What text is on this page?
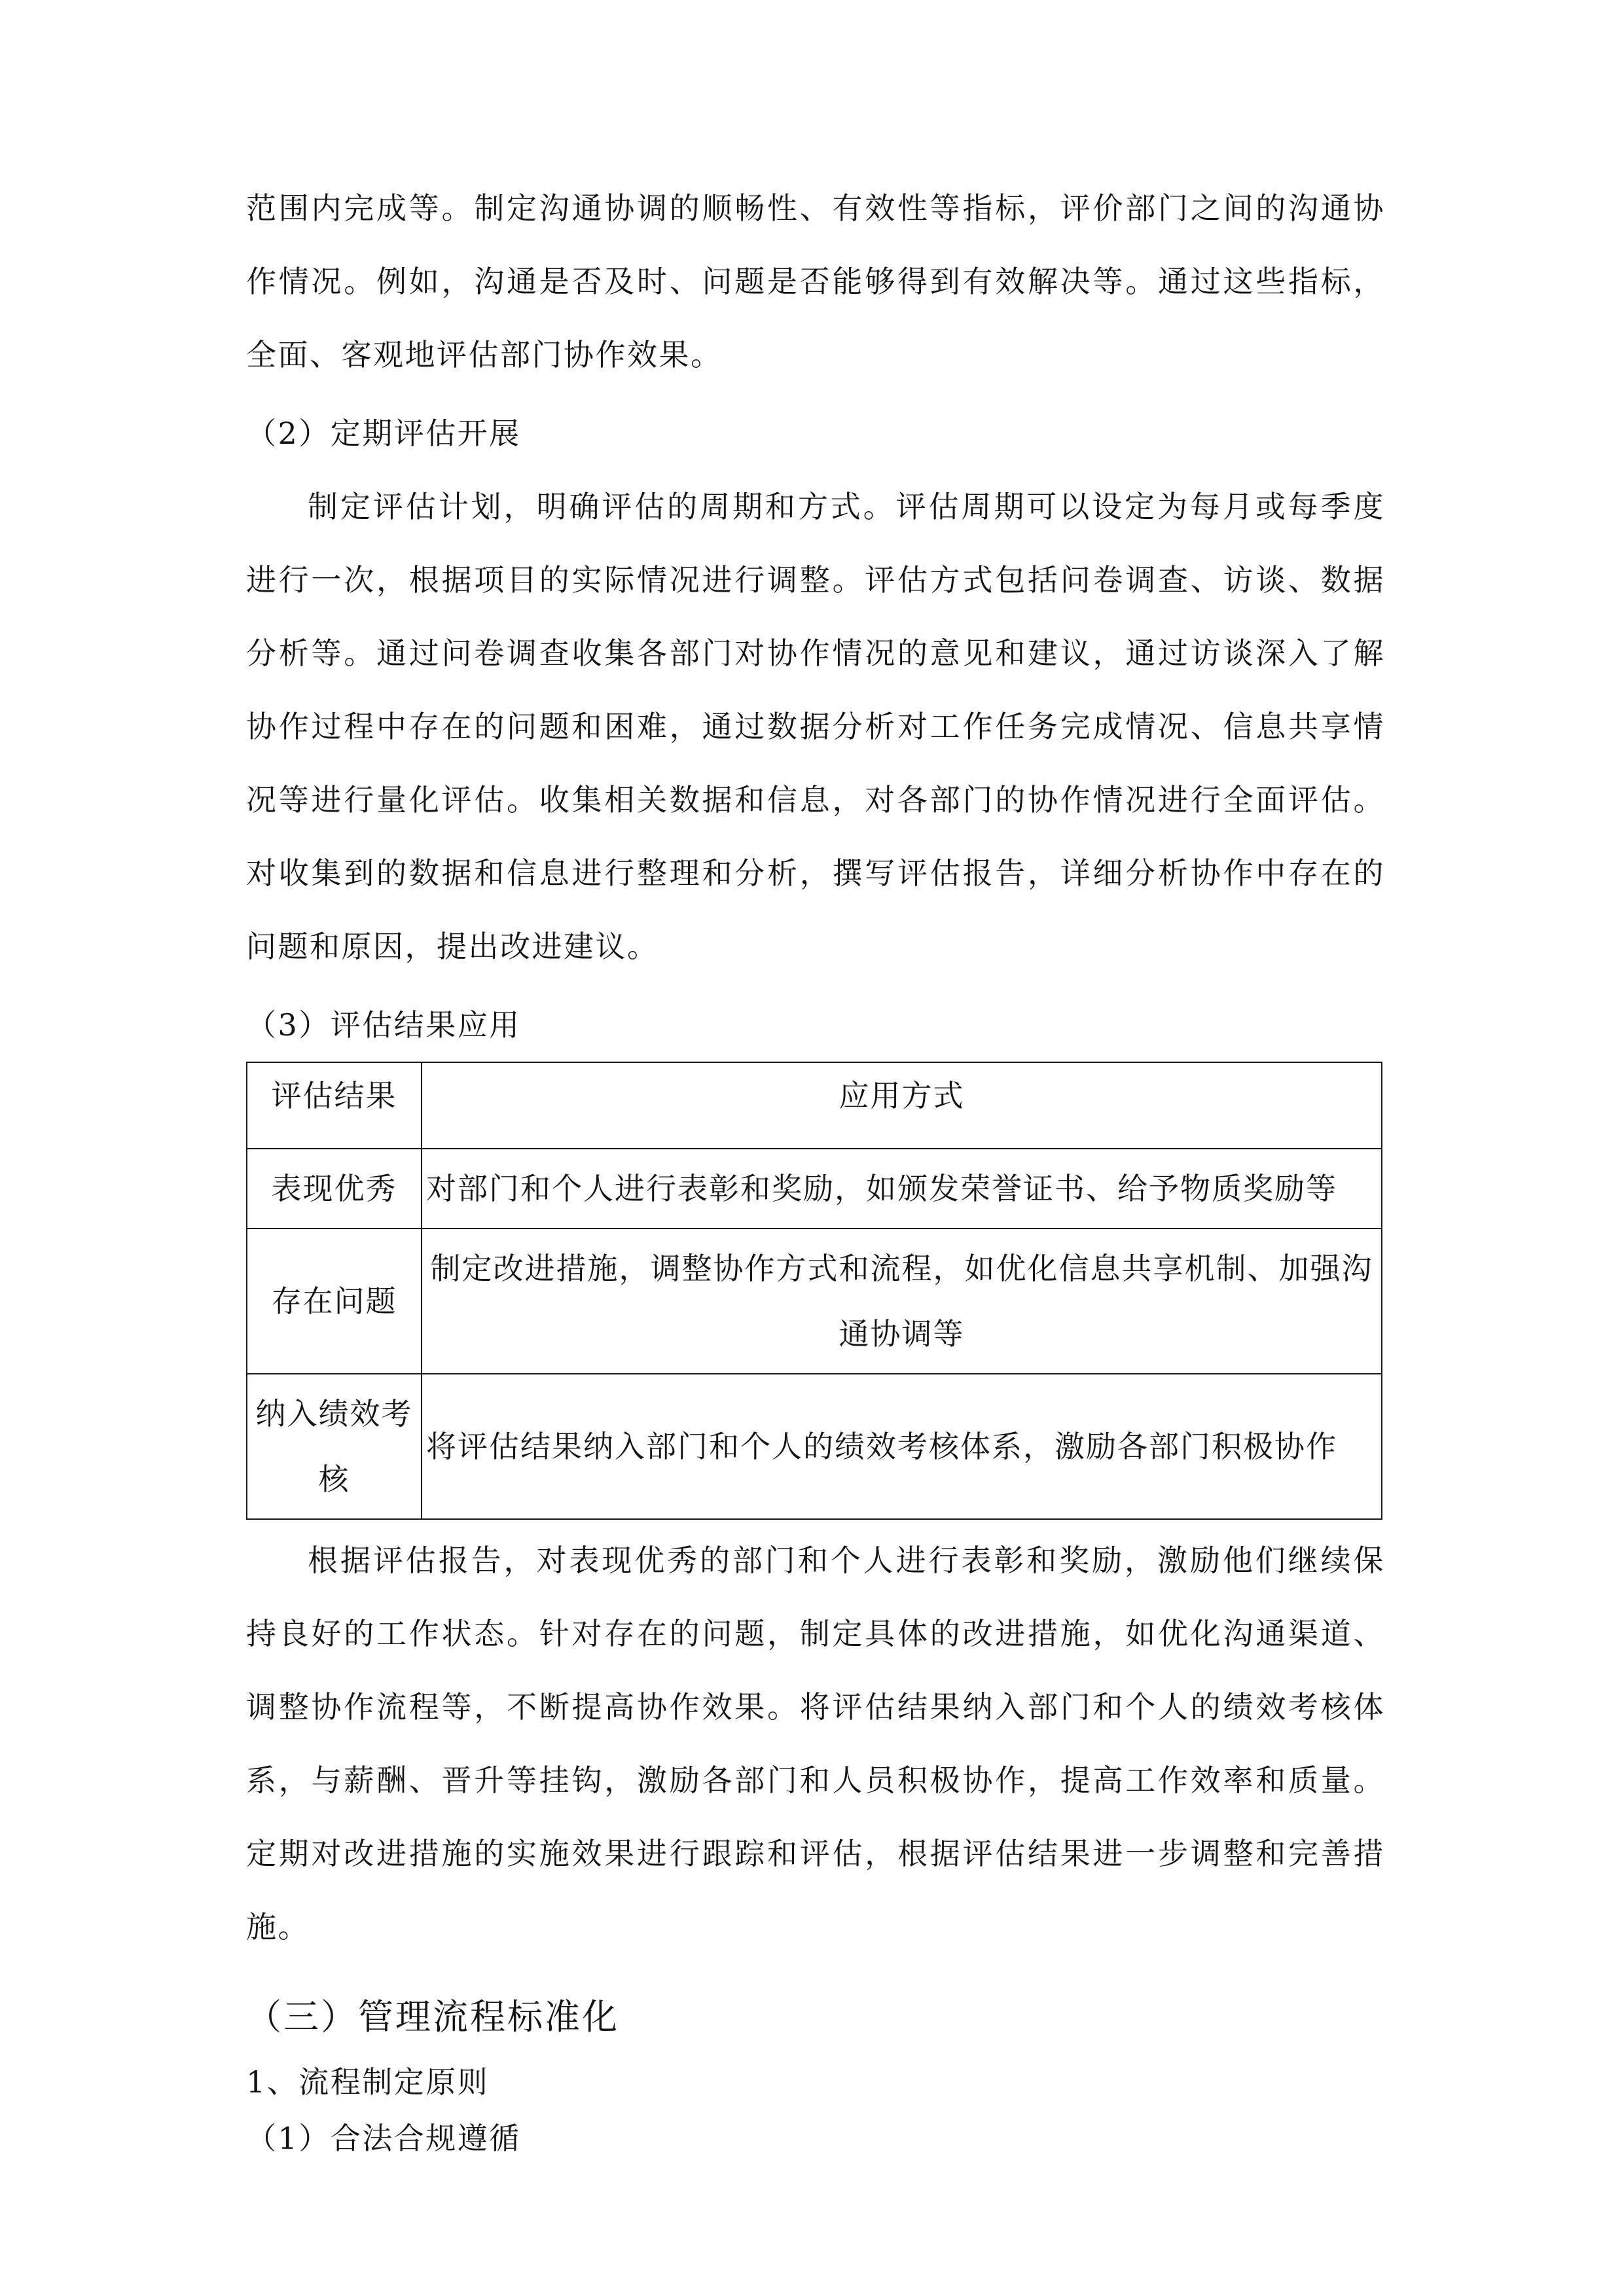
范围内完成等。制定沟通协调的顺畅性、有效性等指标，评价部门之间的沟通协作情况。例如，沟通是否及时、问题是否能够得到有效解决等。通过这些指标，全面、客观地评估部门协作效果。

（2）定期评估开展

制定评估计划，明确评估的周期和方式。评估周期可以设定为每月或每季度进行一次，根据项目的实际情况进行调整。评估方式包括问卷调查、访谈、数据分析等。通过问卷调查收集各部门对协作情况的意见和建议，通过访谈深入了解协作过程中存在的问题和困难，通过数据分析对工作任务完成情况、信息共享情况等进行量化评估。收集相关数据和信息，对各部门的协作情况进行全面评估。对收集到的数据和信息进行整理和分析，撰写评估报告，详细分析协作中存在的问题和原因，提出改进建议。

（3）评估结果应用

评估结果	应用方式
表现优秀	对部门和个人进行表彰和奖励，如颁发荣誉证书、给予物质奖励等
存在问题	制定改进措施，调整协作方式和流程，如优化信息共享机制、加强沟通协调等
纳入绩效考核	将评估结果纳入部门和个人的绩效考核体系，激励各部门积极协作

根据评估报告，对表现优秀的部门和个人进行表彰和奖励，激励他们继续保持良好的工作状态。针对存在的问题，制定具体的改进措施，如优化沟通渠道、调整协作流程等，不断提高协作效果。将评估结果纳入部门和个人的绩效考核体系，与薪酬、晋升等挂钩，激励各部门和人员积极协作，提高工作效率和质量。定期对改进措施的实施效果进行跟踪和评估，根据评估结果进一步调整和完善措施。

（三）管理流程标准化

1、流程制定原则

（1）合法合规遵循
